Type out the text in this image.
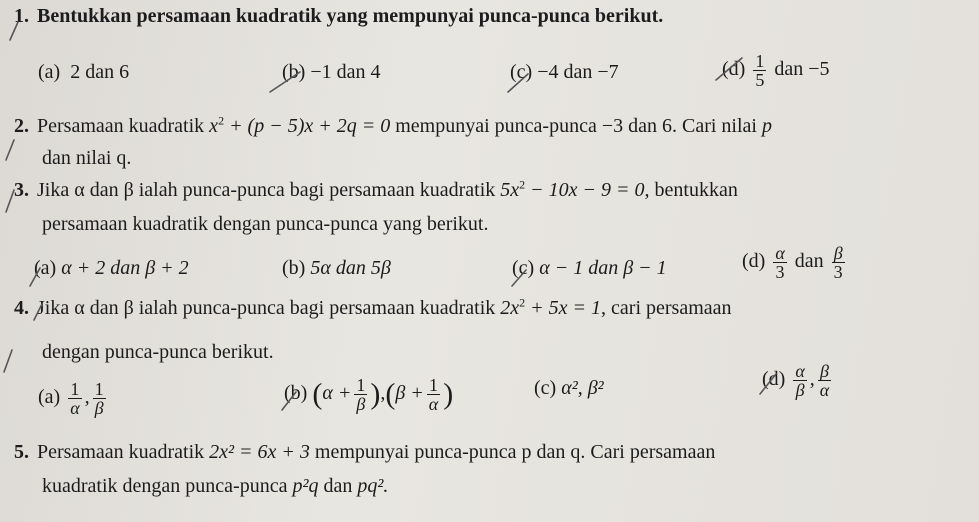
1. Bentukkan persamaan kuadratik yang mempunyai punca-punca berikut.
(a) 2 dan 6	(b) −1 dan 4	(c) −4 dan −7	$(d) \frac{1}{5}$ dan −5
2. Persamaan kuadratik $x^2 + (p - 5)x + 2q = 0$ mempunyai punca-punca −3 dan 6. Cari nilai p
dan nilai q.
3. Jika α dan β ialah punca-punca bagi persamaan kuadratik $5x^2 - 10x - 9 = 0$, bentukkan
persamaan kuadratik dengan punca-punca yang berikut.
(a) α + 2 dan β + 2	(b) 5α dan 5β	(c) α − 1 dan β − 1	$(d) \frac{\alpha}{3}$ dan $\frac{\beta}{3}$
4. Jika α dan β ialah punca-punca bagi persamaan kuadratik $2x^2 + 5x = 1$, cari persamaan
dengan punca-punca berikut.
$(a) \frac{1}{\alpha}$ , $\frac{1}{\beta}$	(b) $(\alpha + \frac{1}{\beta} ),(\beta + \frac{1}{\alpha}$ )	(c) α², β²	$(d) \frac{\alpha}{\beta}$ , $\frac{\beta}{\alpha}$
5. Persamaan kuadratik 2x² = 6x + 3 mempunyai punca-punca p dan q. Cari persamaan
kuadratik dengan punca-punca p²q dan pq².
